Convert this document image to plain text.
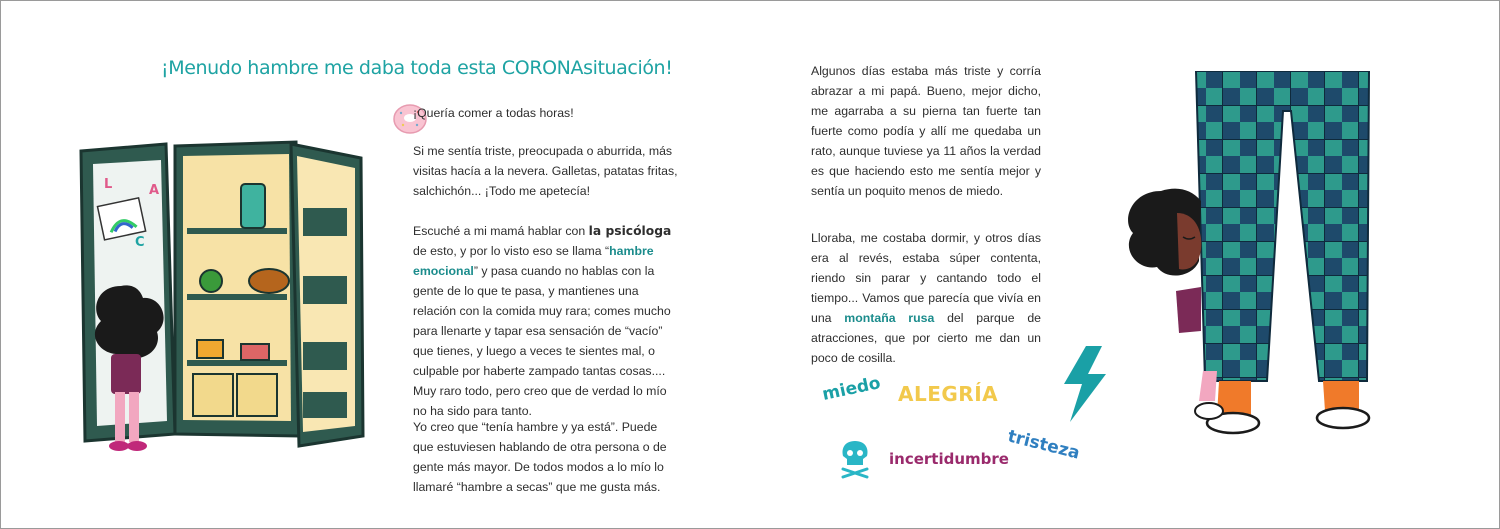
¡Menudo hambre me daba toda esta CORONAsituación!
¡Quería comer a todas horas!
Si me sentía triste, preocupada o aburrida, más visitas hacía a la nevera. Galletas, patatas fritas, salchichón... ¡Todo me apetecía!
Escuché a mi mamá hablar con la psicóloga de esto, y por lo visto eso se llama “hambre emocional” y pasa cuando no hablas con la gente de lo que te pasa, y mantienes una relación con la comida muy rara; comes mucho para llenarte y tapar esa sensación de “vacío” que tienes, y luego a veces te sientes mal, o culpable por haberte zampado tantas cosas.... Muy raro todo, pero creo que de verdad lo mío no ha sido para tanto.
Yo creo que “tenía hambre y ya está”. Puede que estuviesen hablando de otra persona o de gente más mayor. De todos modos a lo mío lo llamaré “hambre a secas” que me gusta más.
L	A
C
Algunos días estaba más triste y corría abrazar a mi papá. Bueno, mejor dicho, me agarraba a su pierna tan fuerte tan fuerte como podía y allí me quedaba un rato, aunque tuviese ya 11 años la verdad es que haciendo esto me sentía mejor y sentía un poquito menos de miedo.
Lloraba, me costaba dormir, y otros días era al revés, estaba súper contenta, riendo sin parar y cantando todo el tiempo... Vamos que parecía que vivía en una montaña rusa del parque de atracciones, que por cierto me dan un poco de cosilla.
miedo ALEGRÍA
incertidumbre
tristeza
